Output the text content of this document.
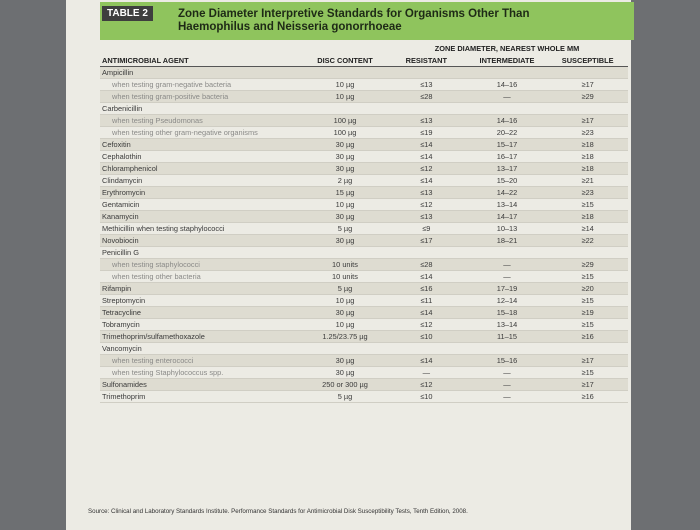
TABLE 2	Zone Diameter Interpretive Standards for Organisms Other Than
Haemophilus and Neisseria gonorrhoeae
		ZONE DIAMETER, NEAREST WHOLE MM		
ANTIMICROBIAL AGENT	DISC CONTENT	RESISTANT	INTERMEDIATE	SUSCEPTIBLE
Ampicillin				
when testing gram-negative bacteria	10 µg	≤13	14–16	≥17
when testing gram-positive bacteria	10 µg	≤28	—	≥29
Carbenicillin				
when testing Pseudomonas	100 µg	≤13	14–16	≥17
when testing other gram-negative organisms	100 µg	≤19	20–22	≥23
Cefoxitin	30 µg	≤14	15–17	≥18
Cephalothin	30 µg	≤14	16–17	≥18
Chloramphenicol	30 µg	≤12	13–17	≥18
Clindamycin	2 µg	≤14	15–20	≥21
Erythromycin	15 µg	≤13	14–22	≥23
Gentamicin	10 µg	≤12	13–14	≥15
Kanamycin	30 µg	≤13	14–17	≥18
Methicillin when testing staphylococci	5 µg	≤9	10–13	≥14
Novobiocin	30 µg	≤17	18–21	≥22
Penicillin G				
when testing staphylococci	10 units	≤28	—	≥29
when testing other bacteria	10 units	≤14	—	≥15
Rifampin	5 µg	≤16	17–19	≥20
Streptomycin	10 µg	≤11	12–14	≥15
Tetracycline	30 µg	≤14	15–18	≥19
Tobramycin	10 µg	≤12	13–14	≥15
Trimethoprim/sulfamethoxazole	1.25/23.75 µg	≤10	11–15	≥16
Vancomycin				
when testing enterococci	30 µg	≤14	15–16	≥17
when testing Staphylococcus spp.	30 µg	—	—	≥15
Sulfonamides	250 or 300 µg	≤12	—	≥17
Trimethoprim	5 µg	≤10	—	≥16
Source: Clinical and Laboratory Standards Institute. Performance Standards for Antimicrobial Disk Susceptibility Tests, Tenth Edition, 2008.
